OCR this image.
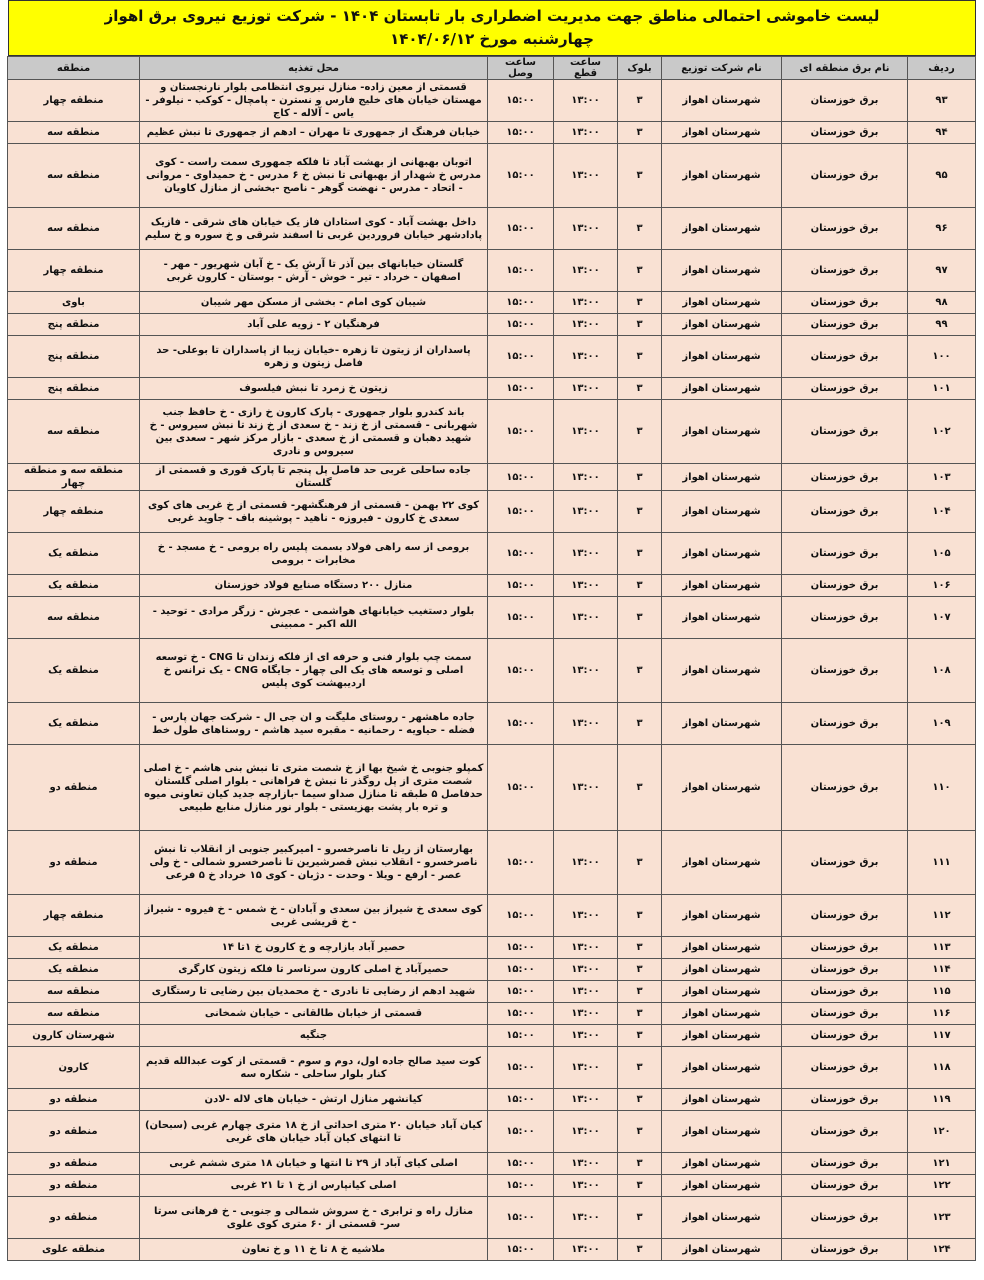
لیست خاموشی احتمالی مناطق جهت مدیریت اضطراری بار تابستان ۱۴۰۴ - شرکت توزیع نیروی برق اهواز
چهارشنبه مورخ ۱۴۰۴/۰۶/۱۲
ردیف	نام برق منطقه ای	نام شرکت توزیع	بلوک	ساعت قطع	ساعت وصل	محل تغذیه	منطقه
۹۳	برق خوزستان	شهرستان اهواز	۳	۱۳:۰۰	۱۵:۰۰	قسمتی از معین زاده- منازل نیروی انتظامی بلوار نارنجستان و مهستان خیابان های خلیج فارس و نسترن - پامچال - کوکب - نیلوفر - یاس - آلاله - کاج	منطقه چهار
۹۴	برق خوزستان	شهرستان اهواز	۳	۱۳:۰۰	۱۵:۰۰	خیابان فرهنگ از جمهوری تا مهران – ادهم از جمهوری تا نبش عظیم	منطقه سه
۹۵	برق خوزستان	شهرستان اهواز	۳	۱۳:۰۰	۱۵:۰۰	اتوبان بهبهانی از بهشت آباد تا فلکه جمهوری سمت راست - کوی مدرس خ شهدار از بهبهانی تا نبش خ ۶ مدرس - خ حمیداوی - مروانی - اتحاد - مدرس - نهضت گوهر - ناصح -بخشی از منازل کاویان	منطقه سه
۹۶	برق خوزستان	شهرستان اهواز	۳	۱۳:۰۰	۱۵:۰۰	داخل بهشت آباد - کوی استادان فاز یک خیابان های شرقی - فازیک پادادشهر خیابان فروردین غربی تا اسفند شرقی و خ سوره و خ سلیم	منطقه سه
۹۷	برق خوزستان	شهرستان اهواز	۳	۱۳:۰۰	۱۵:۰۰	گلستان خیابانهای بین آذر تا آرش یک - خ آبان شهریور - مهر - اصفهان - خرداد - تیر - خوش - آرش - بوستان - کارون غربی	منطقه چهار
۹۸	برق خوزستان	شهرستان اهواز	۳	۱۳:۰۰	۱۵:۰۰	شیبان کوی امام - بخشی از مسکن مهر شیبان	باوی
۹۹	برق خوزستان	شهرستان اهواز	۳	۱۳:۰۰	۱۵:۰۰	فرهنگیان ۲ - زویه علی آباد	منطقه پنج
۱۰۰	برق خوزستان	شهرستان اهواز	۳	۱۳:۰۰	۱۵:۰۰	پاسداران از زیتون تا زهره -خیابان زیبا از پاسداران تا بوعلی- حد فاصل زیتون و زهره	منطقه پنج
۱۰۱	برق خوزستان	شهرستان اهواز	۳	۱۳:۰۰	۱۵:۰۰	زیتون خ زمرد تا نبش فیلسوف	منطقه پنج
۱۰۲	برق خوزستان	شهرستان اهواز	۳	۱۳:۰۰	۱۵:۰۰	باند کندرو بلوار جمهوری - پارک کارون خ رازی - خ حافظ جنب شهربانی - قسمتی از خ زند - خ سعدی از خ زند تا نبش سیروس - خ شهید دهبان و قسمتی از خ سعدی - بازار مرکز شهر - سعدی بین سیروس و نادری	منطقه سه
۱۰۳	برق خوزستان	شهرستان اهواز	۳	۱۳:۰۰	۱۵:۰۰	جاده ساحلی غربی حد فاصل پل پنجم تا پارک قوری و قسمتی از گلستان	منطقه سه و منطقه چهار
۱۰۴	برق خوزستان	شهرستان اهواز	۳	۱۳:۰۰	۱۵:۰۰	کوی ۲۲ بهمن - قسمتی از فرهنگشهر- قسمتی از خ غربی های کوی سعدی خ کارون - فیروزه - ناهید - پوشینه باف - جاوید غربی	منطقه چهار
۱۰۵	برق خوزستان	شهرستان اهواز	۳	۱۳:۰۰	۱۵:۰۰	برومی از سه راهی فولاد بسمت پلیس راه برومی - خ مسجد - خ مخابرات - برومی	منطقه یک
۱۰۶	برق خوزستان	شهرستان اهواز	۳	۱۳:۰۰	۱۵:۰۰	منازل ۲۰۰ دستگاه صنایع فولاد خوزستان	منطقه یک
۱۰۷	برق خوزستان	شهرستان اهواز	۳	۱۳:۰۰	۱۵:۰۰	بلوار دستغیب خیابانهای هواشمی - عجرش - زرگر مرادی - توحید - الله اکبر - ممبینی	منطقه سه
۱۰۸	برق خوزستان	شهرستان اهواز	۳	۱۳:۰۰	۱۵:۰۰	سمت چپ بلوار فنی و حرفه ای از فلکه زندان تا CNG - خ توسعه اصلی و توسعه های یک الی چهار - جایگاه CNG - یک ترانس خ اردیبهشت کوی پلیس	منطقه یک
۱۰۹	برق خوزستان	شهرستان اهواز	۳	۱۳:۰۰	۱۵:۰۰	جاده ماهشهر - روستای ملیگت و ان جی ال - شرکت جهان پارس - فضله - حیاویه - رحمانیه - مقبره سید هاشم - روستاهای طول خط	منطقه یک
۱۱۰	برق خوزستان	شهرستان اهواز	۳	۱۳:۰۰	۱۵:۰۰	کمپلو جنوبی خ شیخ بها از خ شصت متری تا نبش بنی هاشم - خ اصلی شصت متری از پل روگذر تا نبش خ فراهانی - بلوار اصلی گلستان حدفاصل ۵ طبقه تا منازل صداو سیما -بازارچه جدید کیان تعاونی میوه و تره بار پشت بهزیستی - بلوار نور منازل منابع طبیعی	منطقه دو
۱۱۱	برق خوزستان	شهرستان اهواز	۳	۱۳:۰۰	۱۵:۰۰	بهارستان از ریل تا ناصرخسرو - امیرکبیر جنوبی از انقلاب تا نبش ناصرخسرو - انقلاب نبش قصرشیرین تا ناصرخسرو شمالی - خ ولی عصر - ارفع - ویلا - وحدت - دژبان - کوی ۱۵ خرداد خ ۵ فرعی	منطقه دو
۱۱۲	برق خوزستان	شهرستان اهواز	۳	۱۳:۰۰	۱۵:۰۰	کوی سعدی خ شیراز بین سعدی و آبادان - خ شمس - خ فیروه - شیراز - خ قریشی غربی	منطقه چهار
۱۱۳	برق خوزستان	شهرستان اهواز	۳	۱۳:۰۰	۱۵:۰۰	حصیر آباد بازارچه و خ کارون خ ۱تا ۱۴	منطقه یک
۱۱۴	برق خوزستان	شهرستان اهواز	۳	۱۳:۰۰	۱۵:۰۰	حصیرآباد خ اصلی کارون سرتاسر تا فلکه زیتون کارگری	منطقه یک
۱۱۵	برق خوزستان	شهرستان اهواز	۳	۱۳:۰۰	۱۵:۰۰	شهید ادهم از رضایی تا نادری - خ محمدیان بین رضایی تا رستگاری	منطقه سه
۱۱۶	برق خوزستان	شهرستان اهواز	۳	۱۳:۰۰	۱۵:۰۰	قسمتی از خیابان طالقانی - خیابان شمخانی	منطقه سه
۱۱۷	برق خوزستان	شهرستان اهواز	۳	۱۳:۰۰	۱۵:۰۰	جنگیه	شهرستان کارون
۱۱۸	برق خوزستان	شهرستان اهواز	۳	۱۳:۰۰	۱۵:۰۰	کوت سید صالح جاده اول، دوم و سوم - قسمتی از کوت عبدالله قدیم کنار بلوار ساحلی - شکاره سه	کارون
۱۱۹	برق خوزستان	شهرستان اهواز	۳	۱۳:۰۰	۱۵:۰۰	کیانشهر منازل ارتش - خیابان های لاله -لادن	منطقه دو
۱۲۰	برق خوزستان	شهرستان اهواز	۳	۱۳:۰۰	۱۵:۰۰	کیان آباد خیابان ۲۰ متری احداثی از خ ۱۸ متری چهارم غربی (سبحان) تا انتهای کیان آباد خیابان های غربی	منطقه دو
۱۲۱	برق خوزستان	شهرستان اهواز	۳	۱۳:۰۰	۱۵:۰۰	اصلی کیای آباد از ۲۹ تا انتها و خیابان ۱۸ متری ششم غربی	منطقه دو
۱۲۲	برق خوزستان	شهرستان اهواز	۳	۱۳:۰۰	۱۵:۰۰	اصلی کیانپارس از خ ۱ تا ۲۱ غربی	منطقه دو
۱۲۳	برق خوزستان	شهرستان اهواز	۳	۱۳:۰۰	۱۵:۰۰	منازل راه و ترابری - خ سروش شمالی و جنوبی - خ فرهانی سرتا سر- قسمتی از ۶۰ متری کوی علوی	منطقه دو
۱۲۴	برق خوزستان	شهرستان اهواز	۳	۱۳:۰۰	۱۵:۰۰	ملاشیه خ ۸ تا خ ۱۱ و خ تعاون	منطقه علوی
